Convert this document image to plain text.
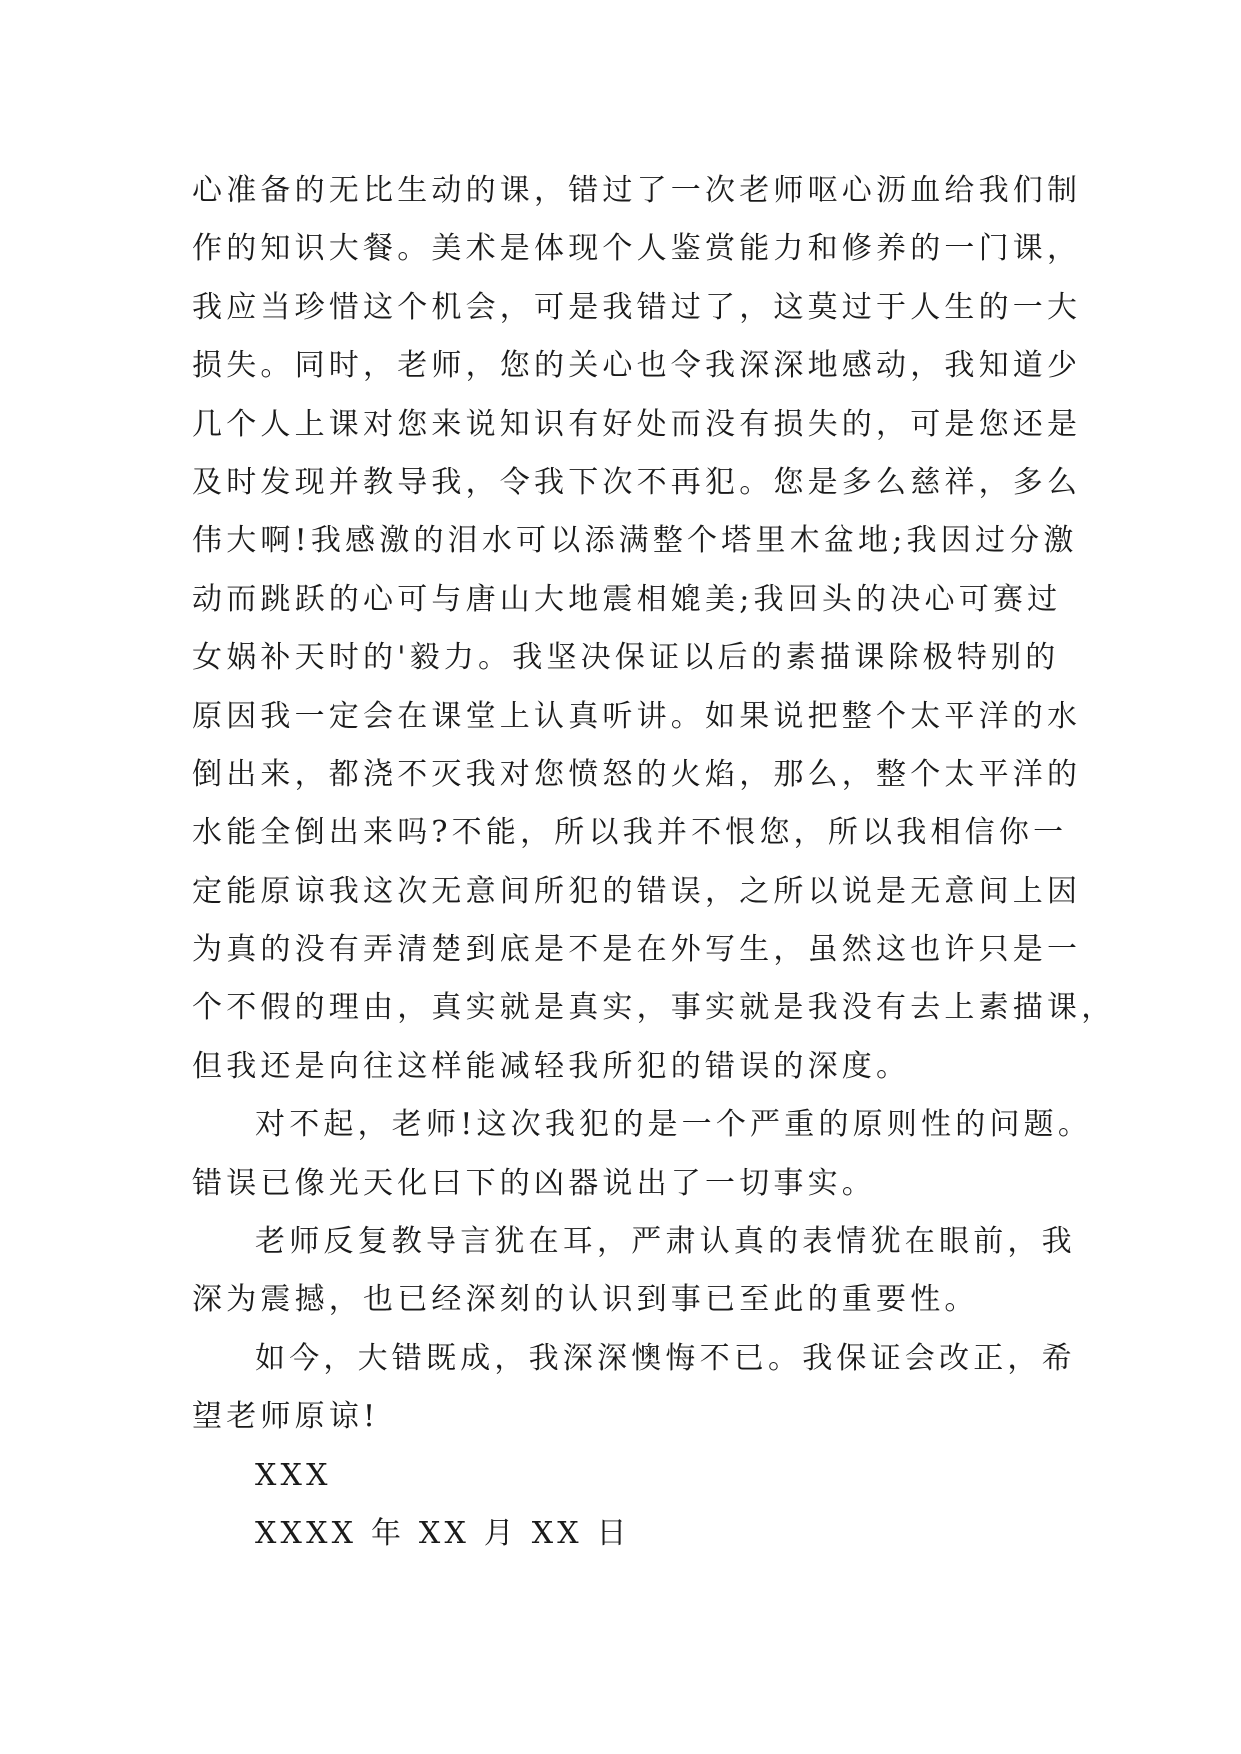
心准备的无比生动的课，错过了一次老师呕心沥血给我们制
作的知识大餐。美术是体现个人鉴赏能力和修养的一门课，
我应当珍惜这个机会，可是我错过了，这莫过于人生的一大
损失。同时，老师，您的关心也令我深深地感动，我知道少
几个人上课对您来说知识有好处而没有损失的，可是您还是
及时发现并教导我，令我下次不再犯。您是多么慈祥，多么
伟大啊!我感激的泪水可以添满整个塔里木盆地;我因过分激
动而跳跃的心可与唐山大地震相媲美;我回头的决心可赛过
女娲补天时的'毅力。我坚决保证以后的素描课除极特别的
原因我一定会在课堂上认真听讲。如果说把整个太平洋的水
倒出来，都浇不灭我对您愤怒的火焰，那么，整个太平洋的
水能全倒出来吗?不能，所以我并不恨您，所以我相信你一
定能原谅我这次无意间所犯的错误，之所以说是无意间上因
为真的没有弄清楚到底是不是在外写生，虽然这也许只是一
个不假的理由，真实就是真实，事实就是我没有去上素描课，
但我还是向往这样能减轻我所犯的错误的深度。
对不起，老师!这次我犯的是一个严重的原则性的问题。
错误已像光天化曰下的凶器说出了一切事实。
老师反复教导言犹在耳，严肃认真的表情犹在眼前，我
深为震撼，也已经深刻的认识到事已至此的重要性。
如今，大错既成，我深深懊悔不已。我保证会改正，希
望老师原谅!
XXX
XXXX 年 XX 月 XX 日
